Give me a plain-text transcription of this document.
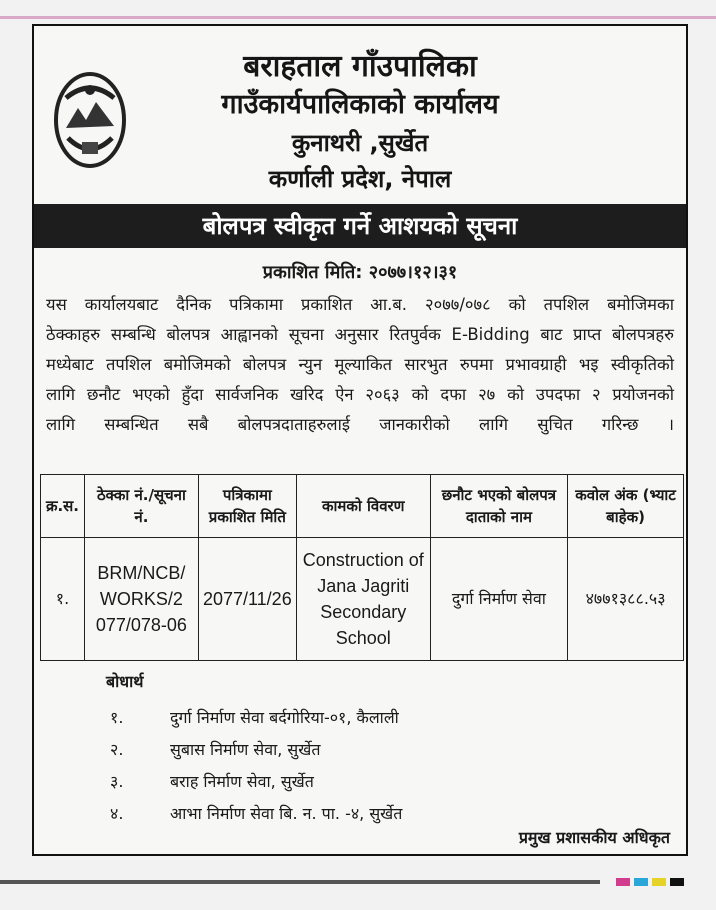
बराहताल गाँउपालिका
गाउँकार्यपालिकाको कार्यालय
कुनाथरी ,सुर्खेत
कर्णाली प्रदेश, नेपाल
बोलपत्र स्वीकृत गर्ने आशयको सूचना
प्रकाशित मिति: २०७७।१२।३१
यस कार्यालयबाट दैनिक पत्रिकामा प्रकाशित आ.ब. २०७७/०७८ को तपशिल बमोजिमका
ठेक्काहरु सम्बन्धि बोलपत्र आह्वानको सूचना अनुसार रितपुर्वक E-Bidding बाट प्राप्त बोलपत्रहरु
मध्येबाट तपशिल बमोजिमको बोलपत्र न्युन मूल्याकित सारभुत रुपमा प्रभावग्राही भइ स्वीकृतिको
लागि छनौट भएको हुँदा सार्वजनिक खरिद ऐन २०६३ को दफा २७ को उपदफा २ प्रयोजनको
लागि सम्बन्धित सबै बोलपत्रदाताहरुलाई जानकारीको लागि सुचित गरिन्छ ।
क्र.स.	ठेक्का नं./सूचना नं.	पत्रिकामा प्रकाशित मिति	कामको विवरण	छनौट भएको बोलपत्र दाताको नाम	कवोल अंक (भ्याट बाहेक)
१.	BRM/NCB/ WORKS/2 077/078-06	2077/11/26	Construction of Jana Jagriti Secondary School	दुर्गा निर्माण सेवा	४७७१३८८.५३
बोधार्थ
१.	दुर्गा निर्माण सेवा बर्दगोरिया-०१, कैलाली
२.	सुबास निर्माण सेवा, सुर्खेत
३.	बराह निर्माण सेवा, सुर्खेत
४.	आभा निर्माण सेवा बि. न. पा. -४, सुर्खेत
प्रमुख प्रशासकीय अधिकृत
